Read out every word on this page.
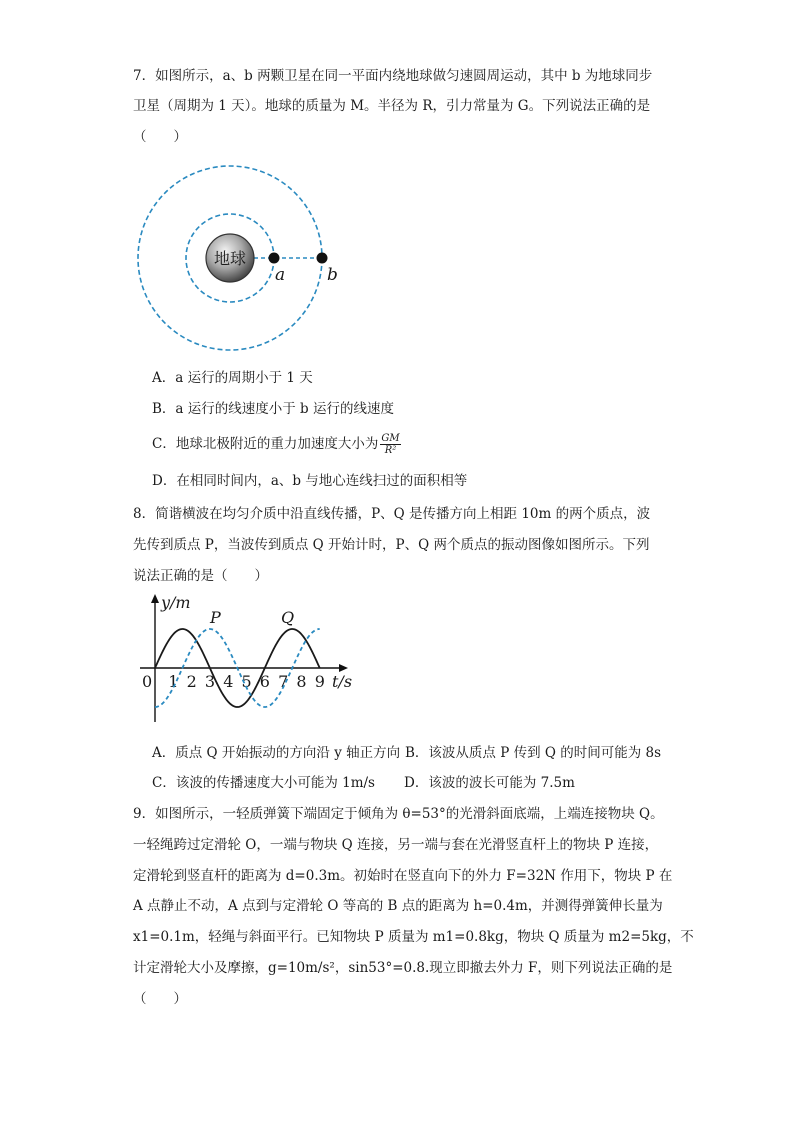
7．如图所示，a、b 两颗卫星在同一平面内绕地球做匀速圆周运动，其中 b 为地球同步
卫星（周期为 1 天）。地球的质量为 M。半径为 R，引力常量为 G。下列说法正确的是
（　　）
地球
a b
A．a 运行的周期小于 1 天
B．a 运行的线速度小于 b 运行的线速度
C．地球北极附近的重力加速度大小为 $\frac{GM}{\text{R²}}$
D．在相同时间内，a、b 与地心连线扫过的面积相等
8．简谐横波在均匀介质中沿直线传播，P、Q 是传播方向上相距 10m 的两个质点，波
先传到质点 P，当波传到质点 Q 开始计时，P、Q 两个质点的振动图像如图所示。下列
说法正确的是（　　）
y/m
t/s
0 1 2 3 4 5 6 7 8 9
P	Q
A．质点 Q 开始振动的方向沿 y 轴正方向 B．该波从质点 P 传到 Q 的时间可能为 8s
C．该波的传播速度大小可能为 1m/s D．该波的波长可能为 7.5m
9．如图所示，一轻质弹簧下端固定于倾角为 θ=53°的光滑斜面底端，上端连接物块 Q。
一轻绳跨过定滑轮 O，一端与物块 Q 连接，另一端与套在光滑竖直杆上的物块 P 连接，
定滑轮到竖直杆的距离为 d=0.3m。初始时在竖直向下的外力 F=32N 作用下，物块 P 在
A 点静止不动，A 点到与定滑轮 O 等高的 B 点的距离为 h=0.4m，并测得弹簧伸长量为
x1=0.1m，轻绳与斜面平行。已知物块 P 质量为 m1=0.8kg，物块 Q 质量为 m2=5kg，不
计定滑轮大小及摩擦，g=10m/s²，sin53°=0.8.现立即撤去外力 F，则下列说法正确的是
（　　）
